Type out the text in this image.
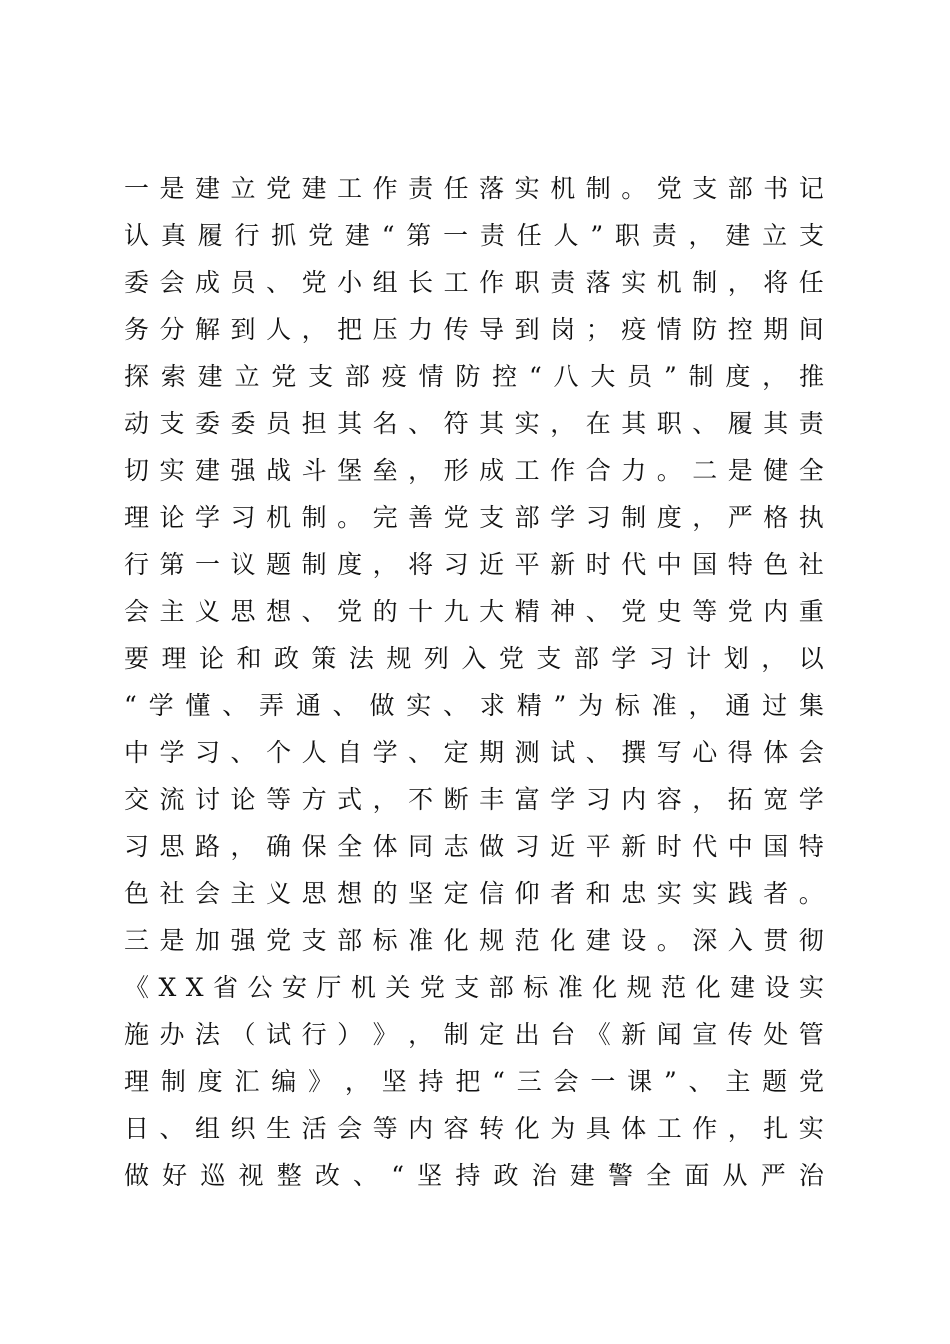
一 是 建 立 党 建 工 作 责 任 落 实 机 制 。 党 支 部 书 记
认 真 履 行 抓 党 建 “ 第 一 责 任 人 ” 职 责 ， 建 立 支
委 会 成 员 、 党 小 组 长 工 作 职 责 落 实 机 制 ， 将 任
务 分 解 到 人 ， 把 压 力 传 导 到 岗 ； 疫 情 防 控 期 间
探 索 建 立 党 支 部 疫 情 防 控 “ 八 大 员 ” 制 度 ， 推
动 支 委 委 员 担 其 名 、 符 其 实 ， 在 其 职 、 履 其 责
切 实 建 强 战 斗 堡 垒 ， 形 成 工 作 合 力 。 二 是 健 全
理 论 学 习 机 制 。 完 善 党 支 部 学 习 制 度 ， 严 格 执
行 第 一 议 题 制 度 ， 将 习 近 平 新 时 代 中 国 特 色 社
会 主 义 思 想 、 党 的 十 九 大 精 神 、 党 史 等 党 内 重
要 理 论 和 政 策 法 规 列 入 党 支 部 学 习 计 划 ， 以
“ 学 懂 、 弄 通 、 做 实 、 求 精 ” 为 标 准 ， 通 过 集
中 学 习 、 个 人 自 学 、 定 期 测 试 、 撰 写 心 得 体 会
交 流 讨 论 等 方 式 ， 不 断 丰 富 学 习 内 容 ， 拓 宽 学
习 思 路 ， 确 保 全 体 同 志 做 习 近 平 新 时 代 中 国 特
色 社 会 主 义 思 想 的 坚 定 信 仰 者 和 忠 实 实 践 者 。
三 是 加 强 党 支 部 标 准 化 规 范 化 建 设 。 深 入 贯 彻
《 X X 省 公 安 厅 机 关 党 支 部 标 准 化 规 范 化 建 设 实
施 办 法 （ 试 行 ） 》 ， 制 定 出 台 《 新 闻 宣 传 处 管
理 制 度 汇 编 》 ， 坚 持 把 “ 三 会 一 课 ” 、 主 题 党
日 、 组 织 生 活 会 等 内 容 转 化 为 具 体 工 作 ， 扎 实
做 好 巡 视 整 改 、 “ 坚 持 政 治 建 警 全 面 从 严 治
